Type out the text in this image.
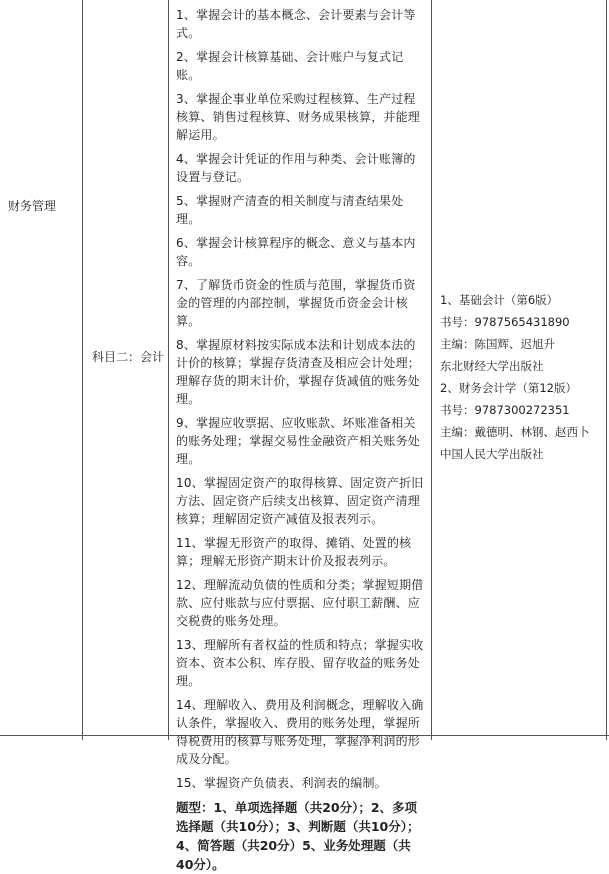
财务管理
科目二：会计

1、掌握会计的基本概念、会计要素与会计等式。

2、掌握会计核算基础、会计账户与复式记账。

3、掌握企事业单位采购过程核算、生产过程核算、销售过程核算、财务成果核算，并能理解运用。

4、掌握会计凭证的作用与种类、会计账簿的设置与登记。

5、掌握财产清查的相关制度与清查结果处理。

6、掌握会计核算程序的概念、意义与基本内容。

7、了解货币资金的性质与范围，掌握货币资金的管理的内部控制，掌握货币资金会计核算。

8、掌握原材料按实际成本法和计划成本法的计价的核算；掌握存货清查及相应会计处理；理解存货的期末计价，掌握存货减值的账务处理。

9、掌握应收票据、应收账款、坏账准备相关的账务处理；掌握交易性金融资产相关账务处理。

10、掌握固定资产的取得核算、固定资产折旧方法、固定资产后续支出核算、固定资产清理核算；理解固定资产减值及报表列示。

11、掌握无形资产的取得、摊销、处置的核算；理解无形资产期末计价及报表列示。

12、理解流动负债的性质和分类；掌握短期借款、应付账款与应付票据、应付职工薪酬、应交税费的账务处理。

13、理解所有者权益的性质和特点；掌握实收资本、资本公积、库存股、留存收益的账务处理。

14、理解收入、费用及利润概念，理解收入确认条件，掌握收入、费用的账务处理，掌握所得税费用的核算与账务处理，掌握净利润的形成及分配。

15、掌握资产负债表、利润表的编制。

题型：1、单项选择题（共20分）；2、多项选择题（共10分）；3、判断题（共10分）；4、简答题（共20分）5、业务处理题（共40分）。

1、基础会计（第6版）
书号：9787565431890
主编：陈国辉、迟旭升
东北财经大学出版社
2、财务会计学（第12版）
书号：9787300272351
主编：戴德明、林钢、赵西卜
中国人民大学出版社
